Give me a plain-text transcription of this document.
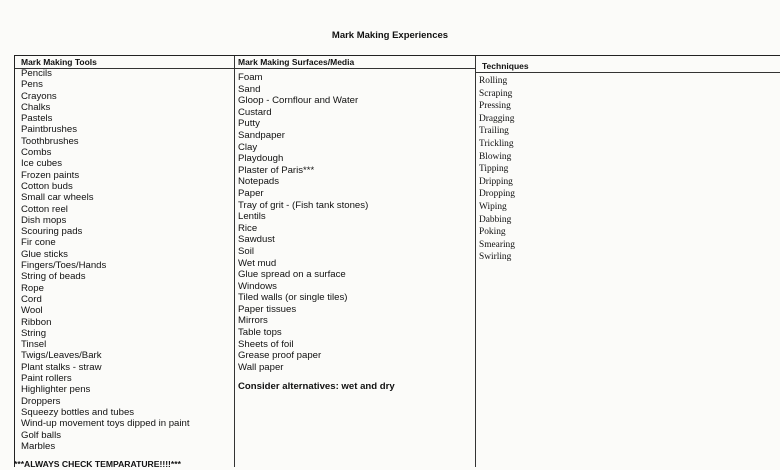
Mark Making Experiences
Mark Making Tools
Pencils
Pens
Crayons
Chalks
Pastels
Paintbrushes
Toothbrushes
Combs
Ice cubes
Frozen paints
Cotton buds
Small car wheels
Cotton reel
Dish mops
Scouring pads
Fir cone
Glue sticks
Fingers/Toes/Hands
String of beads
Rope
Cord
Wool
Ribbon
String
Tinsel
Twigs/Leaves/Bark
Plant stalks - straw
Paint rollers
Highlighter pens
Droppers
Squeezy bottles and tubes
Wind-up movement toys dipped in paint
Golf balls
Marbles
Mark Making Surfaces/Media
Foam
Sand
Gloop - Cornflour and Water
Custard
Putty
Sandpaper
Clay
Playdough
Plaster of Paris***
Notepads
Paper
Tray of grit - (Fish tank stones)
Lentils
Rice
Sawdust
Soil
Wet mud
Glue spread on a surface
Windows
Tiled walls (or single tiles)
Paper tissues
Mirrors
Table tops
Sheets of foil
Grease proof paper
Wall paper
Consider alternatives: wet and dry
Techniques
Rolling
Scraping
Pressing
Dragging
Trailing
Trickling
Blowing
Tipping
Dripping
Dropping
Wiping
Dabbing
Poking
Smearing
Swirling
***ALWAYS CHECK TEMPARATURE!!!!***
